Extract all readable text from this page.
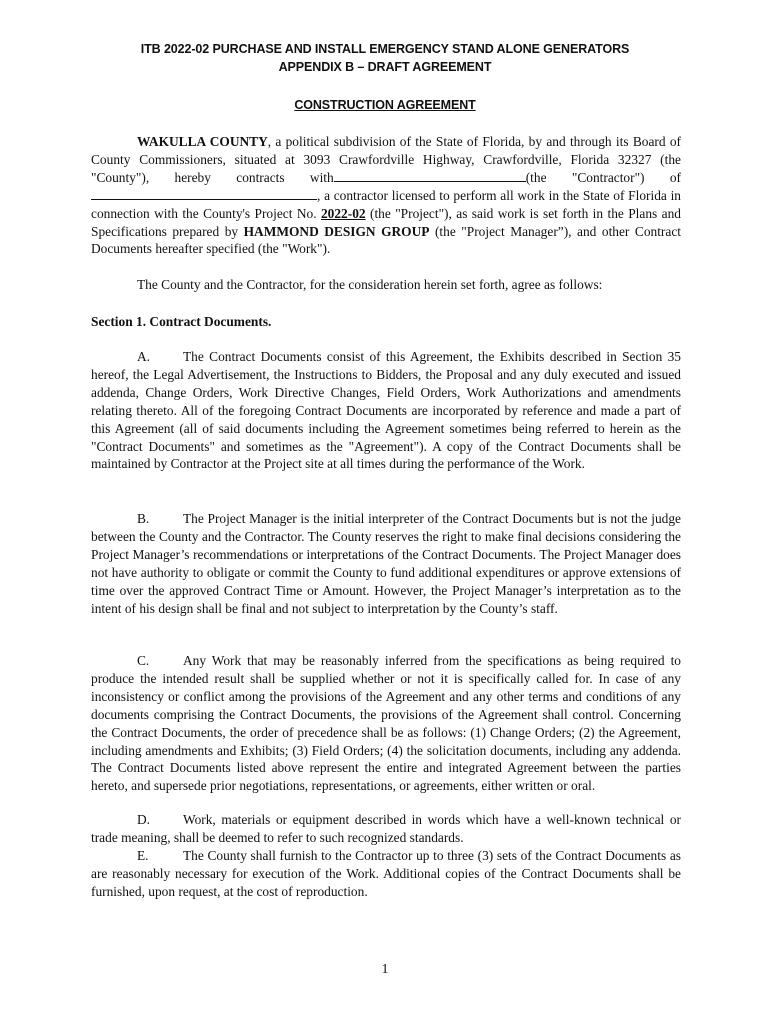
ITB 2022-02 PURCHASE AND INSTALL EMERGENCY STAND ALONE GENERATORS
APPENDIX B – DRAFT AGREEMENT
CONSTRUCTION AGREEMENT

WAKULLA COUNTY, a political subdivision of the State of Florida, by and through its Board of County Commissioners, situated at 3093 Crawfordville Highway, Crawfordville, Florida 32327 (the "County"), hereby contracts with	(the "Contractor") of , a contractor licensed to perform all work in the State of Florida in connection with the County's Project No. 2022-02 (the "Project"), as said work is set forth in the Plans and Specifications prepared by HAMMOND DESIGN GROUP (the "Project Manager”), and other Contract Documents hereafter specified (the "Work").

The County and the Contractor, for the consideration herein set forth, agree as follows:

Section 1. Contract Documents.

A. The Contract Documents consist of this Agreement, the Exhibits described in Section 35 hereof, the Legal Advertisement, the Instructions to Bidders, the Proposal and any duly executed and issued addenda, Change Orders, Work Directive Changes, Field Orders, Work Authorizations and amendments relating thereto. All of the foregoing Contract Documents are incorporated by reference and made a part of this Agreement (all of said documents including the Agreement sometimes being referred to herein as the "Contract Documents" and sometimes as the "Agreement"). A copy of the Contract Documents shall be maintained by Contractor at the Project site at all times during the performance of the Work.

B.	The Project Manager is the initial interpreter of the Contract Documents but is not the judge between the County and the Contractor. The County reserves the right to make final decisions considering the Project Manager’s recommendations or interpretations of the Contract Documents. The Project Manager does not have authority to obligate or commit the County to fund additional expenditures or approve extensions of time over the approved Contract Time or Amount. However, the Project Manager’s interpretation as to the intent of his design shall be final and not subject to interpretation by the County’s staff.

C.	Any Work that may be reasonably inferred from the specifications as being required to produce the intended result shall be supplied whether or not it is specifically called for. In case of any inconsistency or conflict among the provisions of the Agreement and any other terms and conditions of any documents comprising the Contract Documents, the provisions of the Agreement shall control. Concerning the Contract Documents, the order of precedence shall be as follows: (1) Change Orders; (2) the Agreement, including amendments and Exhibits; (3) Field Orders; (4) the solicitation documents, including any addenda. The Contract Documents listed above represent the entire and integrated Agreement between the parties hereto, and supersede prior negotiations, representations, or agreements, either written or oral.

D. Work, materials or equipment described in words which have a well-known technical or trade meaning, shall be deemed to refer to such recognized standards.

E.	The County shall furnish to the Contractor up to three (3) sets of the Contract Documents as are reasonably necessary for execution of the Work. Additional copies of the Contract Documents shall be furnished, upon request, at the cost of reproduction.

1
